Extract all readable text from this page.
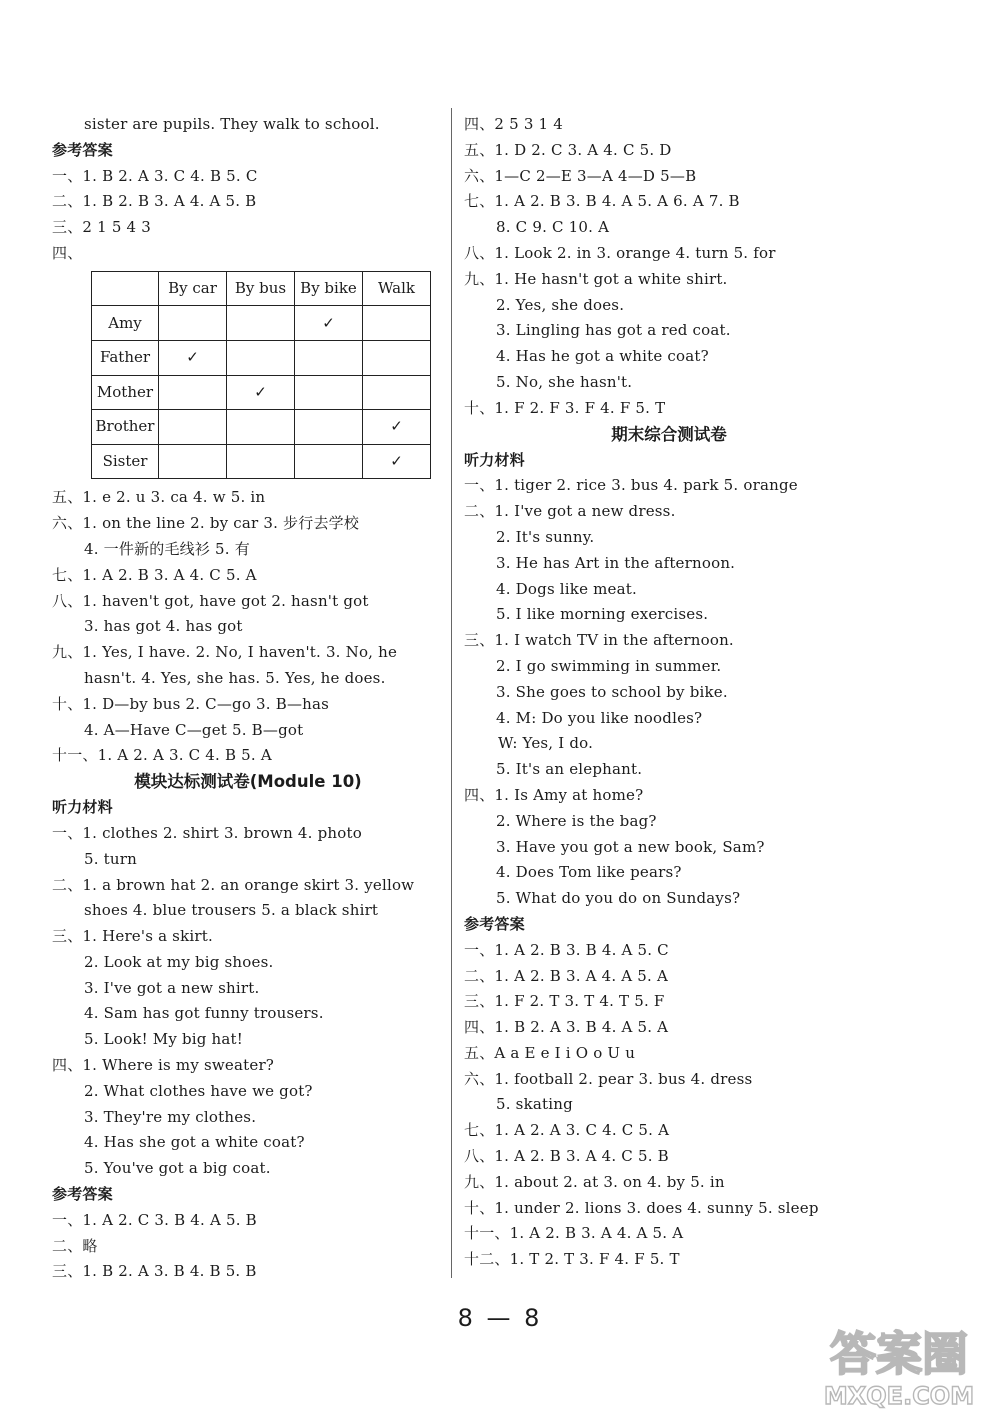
sister are pupils. They walk to school.
参考答案
一、1. B 2. A 3. C 4. B 5. C
二、1. B 2. B 3. A 4. A 5. B
三、2 1 5 4 3
四、
	By car	By bus	By bike	Walk
Amy			✓	
Father	✓			
Mother		✓		
Brother				✓
Sister				✓
五、1. e 2. u 3. ca 4. w 5. in
六、1. on the line 2. by car 3. 步行去学校
4. 一件新的毛线衫 5. 有
七、1. A 2. B 3. A 4. C 5. A
八、1. haven't got, have got 2. hasn't got
3. has got 4. has got
九、1. Yes, I have. 2. No, I haven't. 3. No, he
hasn't. 4. Yes, she has. 5. Yes, he does.
十、1. D—by bus 2. C—go 3. B—has
4. A—Have C—get 5. B—got
十一、1. A 2. A 3. C 4. B 5. A
模块达标测试卷(Module 10)
听力材料
一、1. clothes 2. shirt 3. brown 4. photo
5. turn
二、1. a brown hat 2. an orange skirt 3. yellow
shoes 4. blue trousers 5. a black shirt
三、1. Here's a skirt.
2. Look at my big shoes.
3. I've got a new shirt.
4. Sam has got funny trousers.
5. Look! My big hat!
四、1. Where is my sweater?
2. What clothes have we got?
3. They're my clothes.
4. Has she got a white coat?
5. You've got a big coat.
参考答案
一、1. A 2. C 3. B 4. A 5. B
二、略
三、1. B 2. A 3. B 4. B 5. B
四、2 5 3 1 4
五、1. D 2. C 3. A 4. C 5. D
六、1—C 2—E 3—A 4—D 5—B
七、1. A 2. B 3. B 4. A 5. A 6. A 7. B
8. C 9. C 10. A
八、1. Look 2. in 3. orange 4. turn 5. for
九、1. He hasn't got a white shirt.
2. Yes, she does.
3. Lingling has got a red coat.
4. Has he got a white coat?
5. No, she hasn't.
十、1. F 2. F 3. F 4. F 5. T
期末综合测试卷
听力材料
一、1. tiger 2. rice 3. bus 4. park 5. orange
二、1. I've got a new dress.
2. It's sunny.
3. He has Art in the afternoon.
4. Dogs like meat.
5. I like morning exercises.
三、1. I watch TV in the afternoon.
2. I go swimming in summer.
3. She goes to school by bike.
4. M: Do you like noodles?
W: Yes, I do.
5. It's an elephant.
四、1. Is Amy at home?
2. Where is the bag?
3. Have you got a new book, Sam?
4. Does Tom like pears?
5. What do you do on Sundays?
参考答案
一、1. A 2. B 3. B 4. A 5. C
二、1. A 2. B 3. A 4. A 5. A
三、1. F 2. T 3. T 4. T 5. F
四、1. B 2. A 3. B 4. A 5. A
五、A a E e I i O o U u
六、1. football 2. pear 3. bus 4. dress
5. skating
七、1. A 2. A 3. C 4. C 5. A
八、1. A 2. B 3. A 4. C 5. B
九、1. about 2. at 3. on 4. by 5. in
十、1. under 2. lions 3. does 4. sunny 5. sleep
十一、1. A 2. B 3. A 4. A 5. A
十二、1. T 2. T 3. F 4. F 5. T
8 — 8
答案圈
MXQE.COM
